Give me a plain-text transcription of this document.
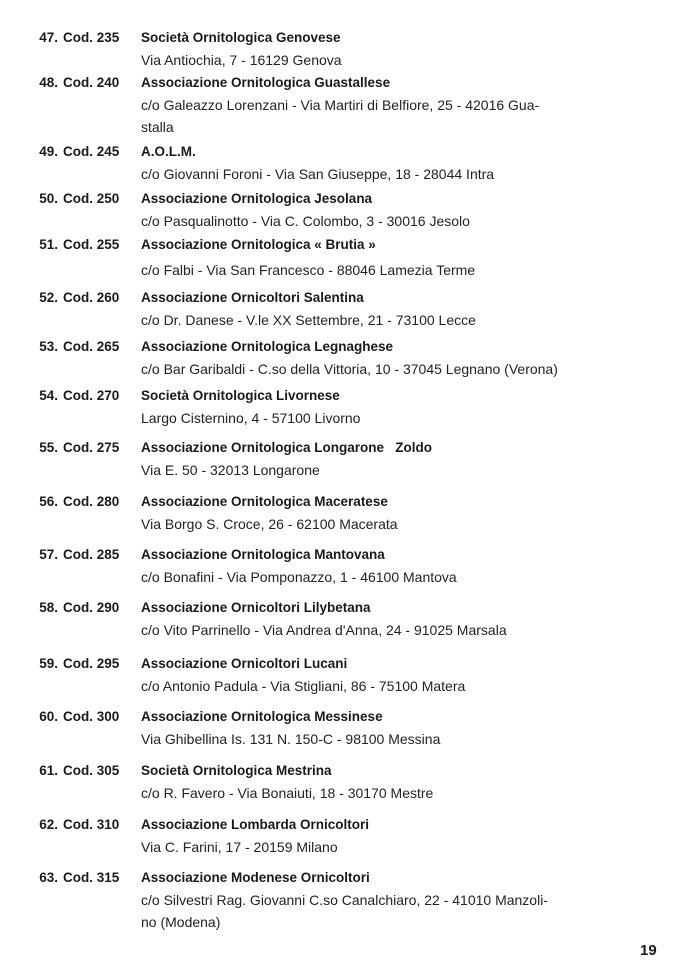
47. Cod. 235	Società Ornitologica Genovese
Via Antiochia, 7 - 16129 Genova
48. Cod. 240	Associazione Ornitologica Guastallese
c/o Galeazzo Lorenzani - Via Martiri di Belfiore, 25 - 42016 Gua-
stalla
49. Cod. 245	A.O.L.M.
c/o Giovanni Foroni - Via San Giuseppe, 18 - 28044 Intra
50. Cod. 250	Associazione Ornitologica Jesolana
c/o Pasqualinotto - Via C. Colombo, 3 - 30016 Jesolo
51. Cod. 255	Associazione Ornitologica « Brutia »
c/o Falbi - Via San Francesco - 88046 Lamezia Terme
52. Cod. 260	Associazione Ornicoltori Salentina
c/o Dr. Danese - V.le XX Settembre, 21 - 73100 Lecce
53. Cod. 265	Associazione Ornitologica Legnaghese
c/o Bar Garibaldi - C.so della Vittoria, 10 - 37045 Legnano (Verona)
54. Cod. 270	Società Ornitologica Livornese
Largo Cisternino, 4 - 57100 Livorno
55. Cod. 275	Associazione Ornitologica Longarone   Zoldo
Via E. 50 - 32013 Longarone
56. Cod. 280	Associazione Ornitologica Maceratese
Via Borgo S. Croce, 26 - 62100 Macerata
57. Cod. 285	Associazione Ornitologica Mantovana
c/o Bonafini - Via Pomponazzo, 1 - 46100 Mantova
58. Cod. 290	Associazione Ornicoltori Lilybetana
c/o Vito Parrinello - Via Andrea d'Anna, 24 - 91025 Marsala
59. Cod. 295	Associazione Ornicoltori Lucani
c/o Antonio Padula - Via Stigliani, 86 - 75100 Matera
60. Cod. 300	Associazione Ornitologica Messinese
Via Ghibellina Is. 131 N. 150-C - 98100 Messina
61. Cod. 305	Società Ornitologica Mestrina
c/o R. Favero - Via Bonaiuti, 18 - 30170 Mestre
62. Cod. 310	Associazione Lombarda Ornicoltori
Via C. Farini, 17 - 20159 Milano
63. Cod. 315	Associazione Modenese Ornicoltori
c/o Silvestri Rag. Giovanni C.so Canalchiaro, 22 - 41010 Manzoli-
no (Modena)
19
